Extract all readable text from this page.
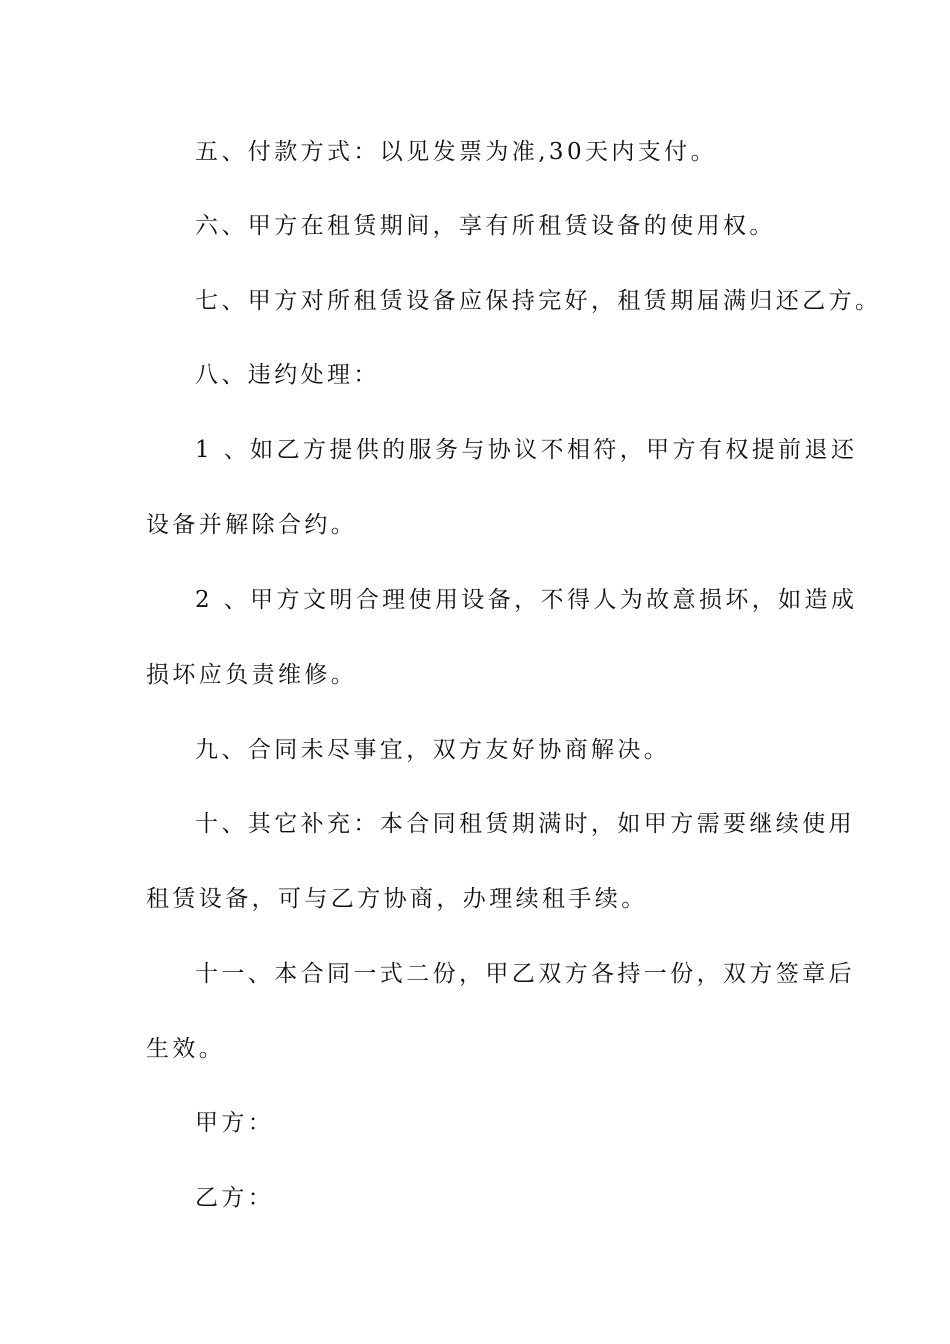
五、付款方式：以见发票为准,30天内支付。

六、甲方在租赁期间，享有所租赁设备的使用权。

七、甲方对所租赁设备应保持完好，租赁期届满归还乙方。

八、违约处理：

1 、如乙方提供的服务与协议不相符，甲方有权提前退还

设备并解除合约。

2 、甲方文明合理使用设备，不得人为故意损坏，如造成

损坏应负责维修。

九、合同未尽事宜，双方友好协商解决。

十、其它补充：本合同租赁期满时，如甲方需要继续使用

租赁设备，可与乙方协商，办理续租手续。

十一、本合同一式二份，甲乙双方各持一份，双方签章后

生效。

甲方：

乙方：
